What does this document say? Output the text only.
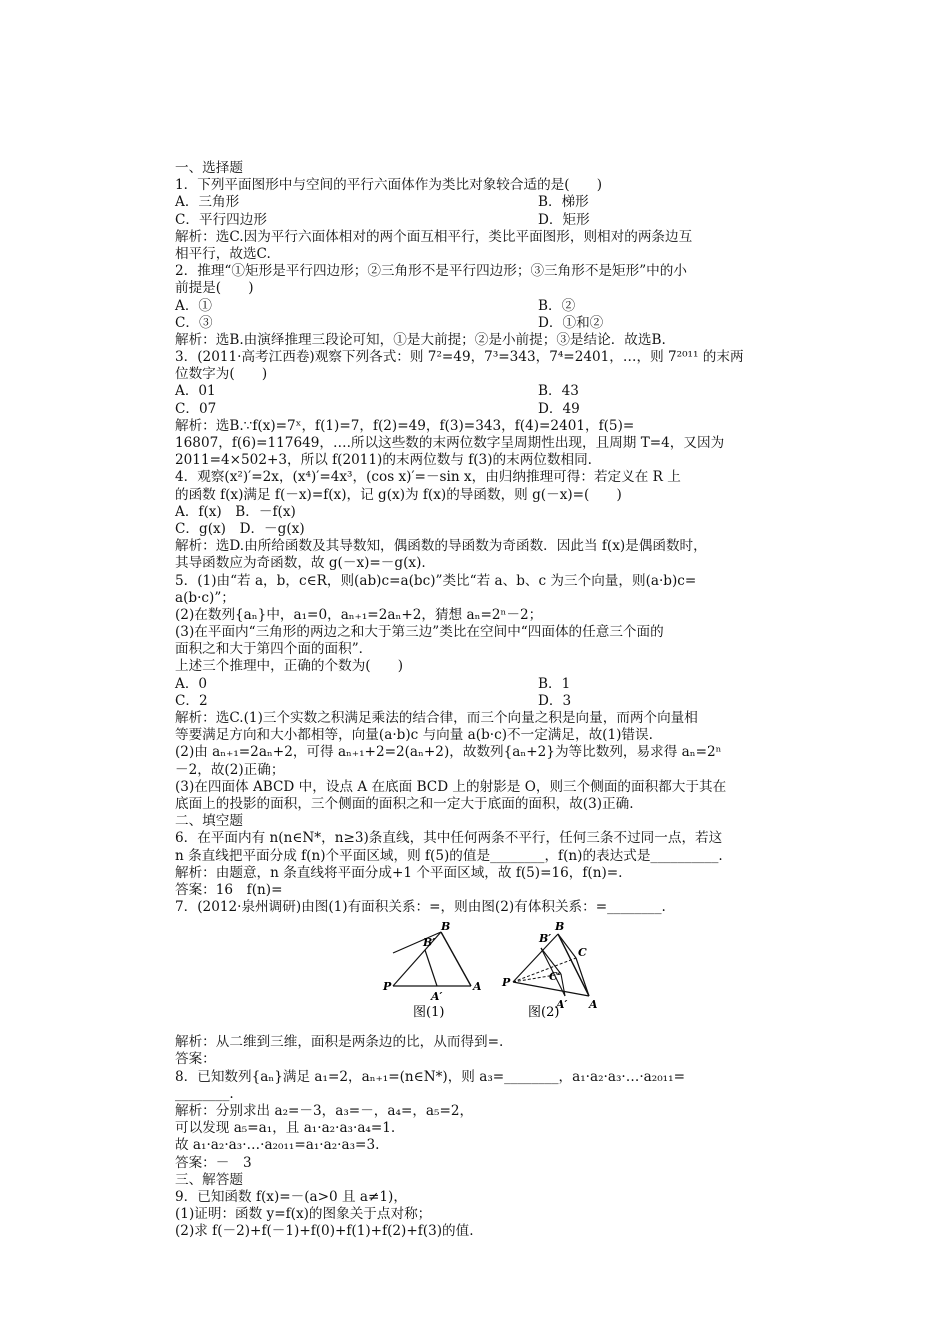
一、选择题
1．下列平面图形中与空间的平行六面体作为类比对象较合适的是(　　)
A．三角形	B．梯形
C．平行四边形	D．矩形
解析：选C.因为平行六面体相对的两个面互相平行，类比平面图形，则相对的两条边互
相平行，故选C.
2．推理“①矩形是平行四边形；②三角形不是平行四边形；③三角形不是矩形”中的小
前提是(　　)
A．①	B．②
C．③	D．①和②
解析：选B.由演绎推理三段论可知，①是大前提；②是小前提；③是结论．故选B.
3．(2011·高考江西卷)观察下列各式：则 7²=49，7³=343，7⁴=2401，…，则 7²⁰¹¹ 的末两
位数字为(　　)
A．01	B．43
C．07	D．49
解析：选B.∵f(x)=7ˣ，f(1)=7，f(2)=49，f(3)=343，f(4)=2401，f(5)=
16807，f(6)=117649，….所以这些数的末两位数字呈周期性出现，且周期 T=4，又因为
2011=4×502+3，所以 f(2011)的末两位数与 f(3)的末两位数相同.
4．观察(x²)′=2x，(x⁴)′=4x³，(cos x)′=－sin x，由归纳推理可得：若定义在 R 上
的函数 f(x)满足 f(－x)=f(x)，记 g(x)为 f(x)的导函数，则 g(－x)=(　　)
A．f(x)　B．－f(x)
C．g(x)　D．－g(x)
解析：选D.由所给函数及其导数知，偶函数的导函数为奇函数．因此当 f(x)是偶函数时，
其导函数应为奇函数，故 g(－x)=－g(x).
5．(1)由“若 a，b，c∈R，则(ab)c=a(bc)”类比“若 a、b、c 为三个向量，则(a·b)c=
a(b·c)”；
(2)在数列{aₙ}中，a₁=0，aₙ₊₁=2aₙ+2，猜想 aₙ=2ⁿ－2；
(3)在平面内“三角形的两边之和大于第三边”类比在空间中“四面体的任意三个面的
面积之和大于第四个面的面积”．
上述三个推理中，正确的个数为(　　)
A．0	B．1
C．2	D．3
解析：选C.(1)三个实数之积满足乘法的结合律，而三个向量之积是向量，而两个向量相
等要满足方向和大小都相等，向量(a·b)c 与向量 a(b·c)不一定满足，故(1)错误.
(2)由 aₙ₊₁=2aₙ+2，可得 aₙ₊₁+2=2(aₙ+2)，故数列{aₙ+2}为等比数列，易求得 aₙ=2ⁿ
－2，故(2)正确；
(3)在四面体 ABCD 中，设点 A 在底面 BCD 上的射影是 O，则三个侧面的面积都大于其在
底面上的投影的面积，三个侧面的面积之和一定大于底面的面积，故(3)正确.
二、填空题
6．在平面内有 n(n∈N*，n≥3)条直线，其中任何两条不平行，任何三条不过同一点，若这
n 条直线把平面分成 f(n)个平面区域，则 f(5)的值是________，f(n)的表达式是__________.
解析：由题意，n 条直线将平面分成+1 个平面区域，故 f(5)=16，f(n)=.
答案：16　f(n)=
7．(2012·泉州调研)由图(1)有面积关系：=，则由图(2)有体积关系：=________.
B′
B
P
A′
A
图(1)
B′
B
C
P	C′
A′ A
图(2)
解析：从二维到三维，面积是两条边的比，从而得到=.
答案：
8．已知数列{aₙ}满足 a₁=2，aₙ₊₁=(n∈N*)，则 a₃=________，a₁·a₂·a₃·…·a₂₀₁₁=
________.
解析：分别求出 a₂=－3，a₃=－，a₄=，a₅=2，
可以发现 a₅=a₁，且 a₁·a₂·a₃·a₄=1.
故 a₁·a₂·a₃·…·a₂₀₁₁=a₁·a₂·a₃=3.
答案：－　3
三、解答题
9．已知函数 f(x)=－(a>0 且 a≠1)，
(1)证明：函数 y=f(x)的图象关于点对称；
(2)求 f(－2)+f(－1)+f(0)+f(1)+f(2)+f(3)的值.
